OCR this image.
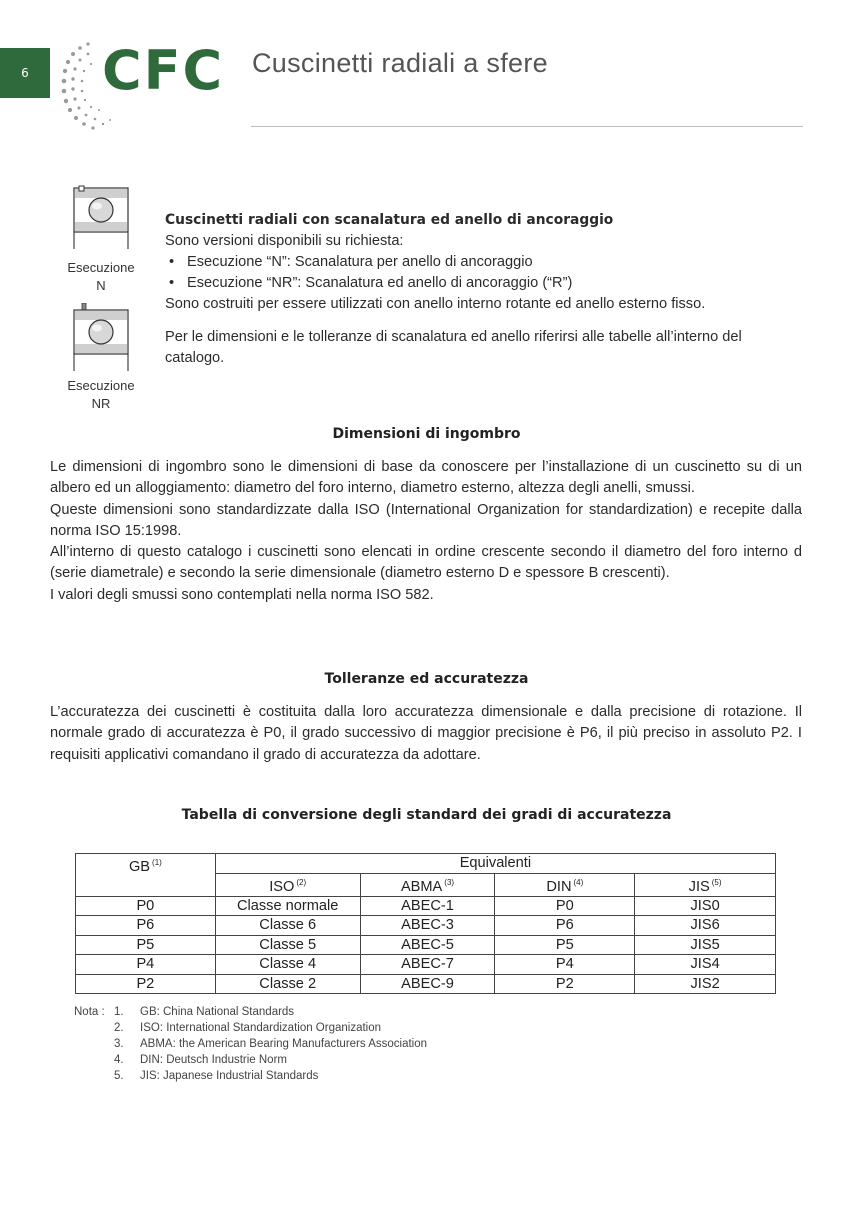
6 CFC Cuscinetti radiali a sfere
Esecuzione
N
Esecuzione
NR
Cuscinetti radiali con scanalatura ed anello di ancoraggio

Sono versioni disponibili su richiesta:

• Esecuzione “N”: Scanalatura per anello di ancoraggio
• Esecuzione “NR”: Scanalatura ed anello di ancoraggio (“R”)

Sono costruiti per essere utilizzati con anello interno rotante ed anello esterno fisso.

Per le dimensioni e le tolleranze di scanalatura ed anello riferirsi alle tabelle all’interno del catalogo.

Dimensioni di ingombro

Le dimensioni di ingombro sono le dimensioni di base da conoscere per l’installazione di un cuscinetto su di un albero ed un alloggiamento: diametro del foro interno, diametro esterno, altezza degli anelli, smussi.

Queste dimensioni sono standardizzate dalla ISO (International Organization for standardization) e recepite dalla norma ISO 15:1998.

All’interno di questo catalogo i cuscinetti sono elencati in ordine crescente secondo il diametro del foro interno d (serie diametrale) e secondo la serie dimensionale (diametro esterno D e spessore B crescenti).

I valori degli smussi sono contemplati nella norma ISO 582.

Tolleranze ed accuratezza

L’accuratezza dei cuscinetti è costituita dalla loro accuratezza dimensionale e dalla precisione di rotazione. Il normale grado di accuratezza è P0, il grado successivo di maggior precisione è P6, il più preciso in assoluto P2. I requisiti applicativi comandano il grado di accuratezza da adottare.

Tabella di conversione degli standard dei gradi di accuratezza
GB $^{(1)}$	Equivalenti			
	ISO $^{(2)}$	ABMA $^{(3)}$	DIN $^{(4)}$	JIS $^{(5)}$
P0	Classe normale	ABEC-1	P0	JIS0
P6	Classe 6	ABEC-3	P6	JIS6
P5	Classe 5	ABEC-5	P5	JIS5
P4	Classe 4	ABEC-7	P4	JIS4
P2	Classe 2	ABEC-9	P2	JIS2
Nota : 1.	GB: China National Standards
2.	ISO: International Standardization Organization
3.	ABMA: the American Bearing Manufacturers Association
4.	DIN: Deutsch Industrie Norm
5.	JIS: Japanese Industrial Standards
